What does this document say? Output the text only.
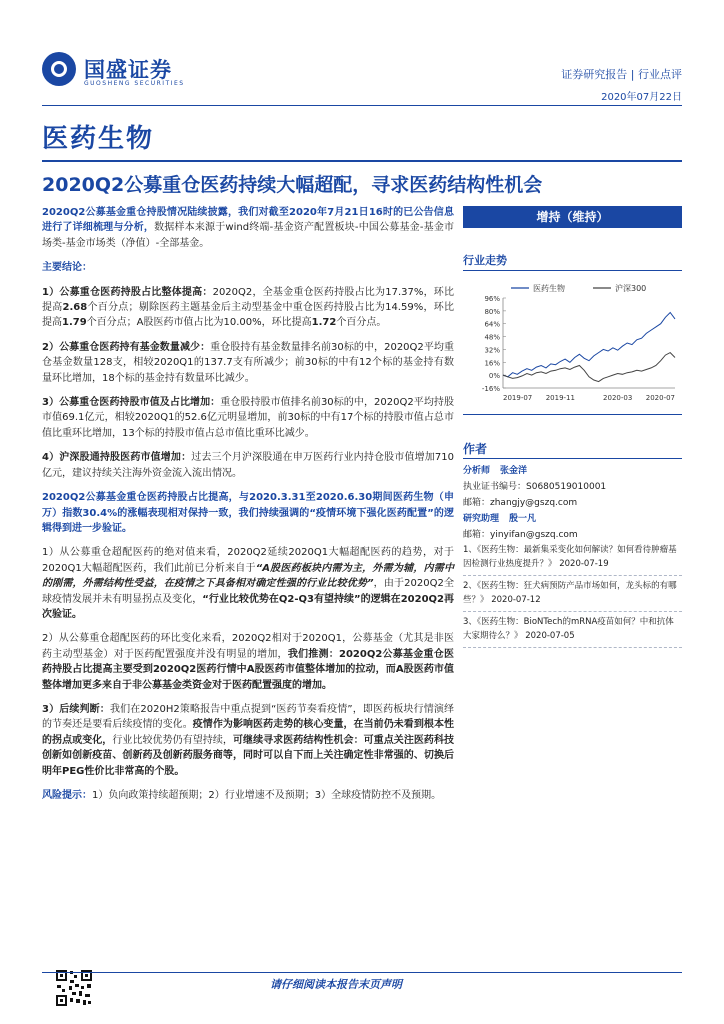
国盛证券
GUOSHENG SECURITIES
证券研究报告 | 行业点评
2020年07月22日
医药生物
2020Q2公募重仓医药持续大幅超配，寻求医药结构性机会

2020Q2公募基金重仓持股情况陆续披露，我们对截至2020年7月21日16时的已公告信息进行了详细梳理与分析，数据样本来源于wind终端-基金资产配置板块-中国公募基金-基金市场类-基金市场类（净值）-全部基金。

主要结论：

1）公募重仓医药持股占比整体提高：2020Q2，全基金重仓医药持股占比为17.37%，环比提高2.68个百分点；剔除医药主题基金后主动型基金中重仓医药持股占比为14.59%，环比提高1.79个百分点；A股医药市值占比为10.00%，环比提高1.72个百分点。

2）公募重仓医药持有基金数量减少：重仓股持有基金数量排名前30标的中，2020Q2平均重仓基金数量128支，相较2020Q1的137.7支有所减少；前30标的中有12个标的基金持有数量环比增加，18个标的基金持有数量环比减少。

3）公募重仓医药持股市值及占比增加：重仓股持股市值排名前30标的中，2020Q2平均持股市值69.1亿元，相较2020Q1的52.6亿元明显增加，前30标的中有17个标的持股市值占总市值比重环比增加，13个标的持股市值占总市值比重环比减少。

4）沪深股通持股医药市值增加：过去三个月沪深股通在申万医药行业内持仓股市值增加710亿元，建议持续关注海外资金流入流出情况。

2020Q2公募基金重仓医药持股占比提高，与2020.3.31至2020.6.30期间医药生物（申万）指数30.4%的涨幅表现相对保持一致，我们持续强调的“疫情环境下强化医药配置”的逻辑得到进一步验证。

1）从公募重仓超配医药的绝对值来看，2020Q2延续2020Q1大幅超配医药的趋势，对于2020Q1大幅超配医药，我们此前已分析来自于“A股医药板块内需为主，外需为辅，内需中的刚需，外需结构性受益，在疫情之下具备相对确定性强的行业比较优势”，由于2020Q2全球疫情发展并未有明显拐点及变化，“行业比较优势在Q2-Q3有望持续”的逻辑在2020Q2再次验证。

2）从公募重仓超配医药的环比变化来看，2020Q2相对于2020Q1，公募基金（尤其是非医药主动型基金）对于医药配置强度并没有明显的增加，我们推测：2020Q2公募基金重仓医药持股占比提高主要受到2020Q2医药行情中A股医药市值整体增加的拉动，而A股医药市值整体增加更多来自于非公募基金类资金对于医药配置强度的增加。

3）后续判断：我们在2020H2策略报告中重点提到“医药节奏看疫情”，即医药板块行情演绎的节奏还是要看后续疫情的变化。疫情作为影响医药走势的核心变量，在当前仍未看到根本性的拐点或变化，行业比较优势仍有望持续，可继续寻求医药结构性机会：可重点关注医药科技创新如创新疫苗、创新药及创新药服务商等，同时可以自下而上关注确定性非常强的、切换后明年PEG性价比非常高的个股。

风险提示：1）负向政策持续超预期；2）行业增速不及预期；3）全球疫情防控不及预期。

增持（维持）
行业走势
医药生物	沪深300
96%
80%
64%
48%
32%
16%
0%
-16%
2019-07 2019-11	2020-03 2020-07
作者
分析师 张金洋
执业证书编号：S0680519010001
邮箱：zhangjy@gszq.com
研究助理 殷一凡
邮箱：yinyifan@gszq.com
1、《医药生物：最新集采变化如何解读？如何看待肿瘤基因检测行业热度提升？》 2020-07-19
2、《医药生物：狂犬病预防产品市场如何，龙头标的有哪些？》 2020-07-12
3、《医药生物：BioNTech的mRNA疫苗如何？中和抗体大家期待么？》 2020-07-05
请仔细阅读本报告末页声明
